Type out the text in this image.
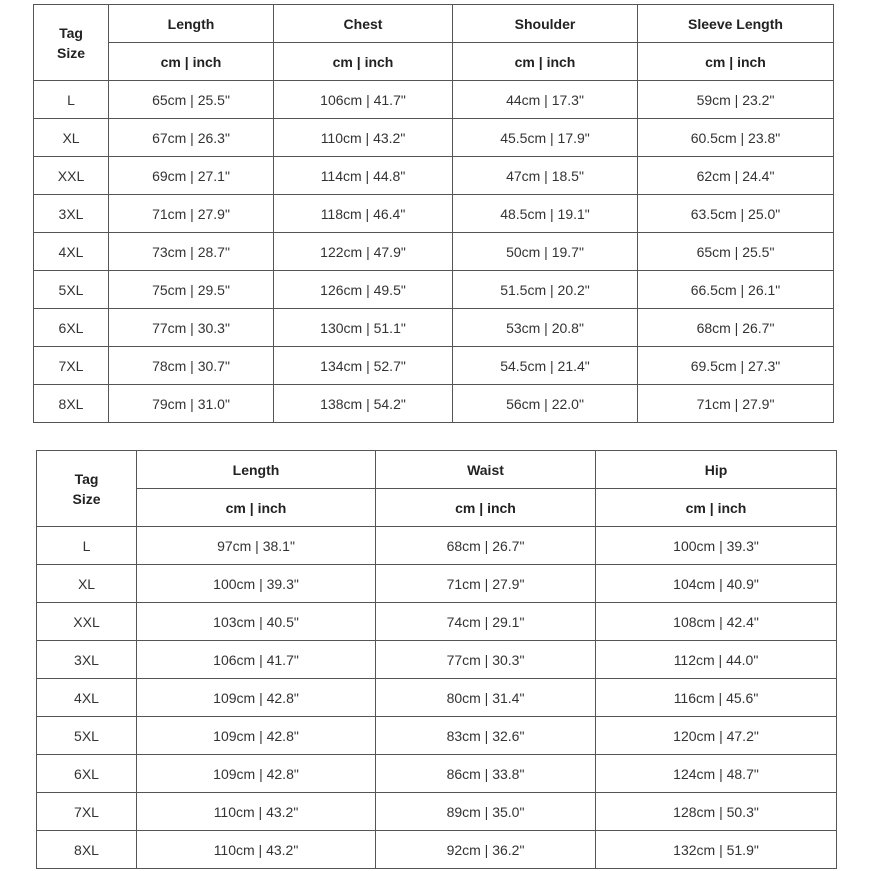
Tag
Size	Length	Chest	Shoulder	Sleeve Length
	cm | inch	cm | inch	cm | inch	cm | inch
L	65cm | 25.5"	106cm | 41.7"	44cm | 17.3"	59cm | 23.2"
XL	67cm | 26.3"	110cm | 43.2"	45.5cm | 17.9"	60.5cm | 23.8"
XXL	69cm | 27.1"	114cm | 44.8"	47cm | 18.5"	62cm | 24.4"
3XL	71cm | 27.9"	118cm | 46.4"	48.5cm | 19.1"	63.5cm | 25.0"
4XL	73cm | 28.7"	122cm | 47.9"	50cm | 19.7"	65cm | 25.5"
5XL	75cm | 29.5"	126cm | 49.5"	51.5cm | 20.2"	66.5cm | 26.1"
6XL	77cm | 30.3"	130cm | 51.1"	53cm | 20.8"	68cm | 26.7"
7XL	78cm | 30.7"	134cm | 52.7"	54.5cm | 21.4"	69.5cm | 27.3"
8XL	79cm | 31.0"	138cm | 54.2"	56cm | 22.0"	71cm | 27.9"
Tag
Size	Length	Waist	Hip
	cm | inch	cm | inch	cm | inch
L	97cm | 38.1"	68cm | 26.7"	100cm | 39.3"
XL	100cm | 39.3"	71cm | 27.9"	104cm | 40.9"
XXL	103cm | 40.5"	74cm | 29.1"	108cm | 42.4"
3XL	106cm | 41.7"	77cm | 30.3"	112cm | 44.0"
4XL	109cm | 42.8"	80cm | 31.4"	116cm | 45.6"
5XL	109cm | 42.8"	83cm | 32.6"	120cm | 47.2"
6XL	109cm | 42.8"	86cm | 33.8"	124cm | 48.7"
7XL	110cm | 43.2"	89cm | 35.0"	128cm | 50.3"
8XL	110cm | 43.2"	92cm | 36.2"	132cm | 51.9"
